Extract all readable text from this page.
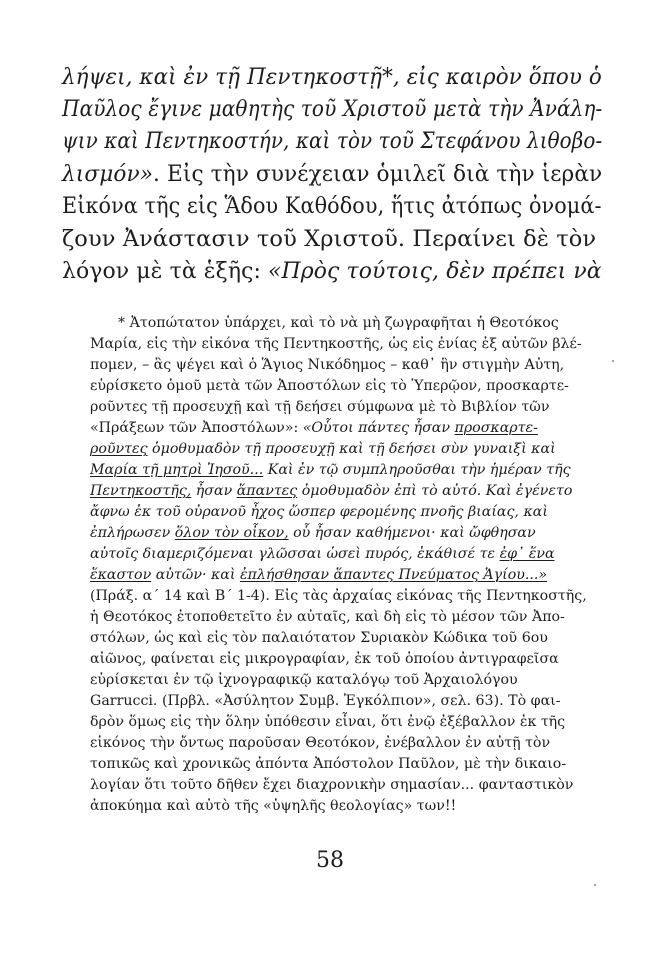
λήψει, καὶ ἐν τῇ Πεντηκοστῇ*, εἰς καιρὸν ὅπου ὁ
Παῦλος ἔγινε μαθητὴς τοῦ Χριστοῦ μετὰ τὴν Ἀνάλη-
ψιν καὶ Πεντηκοστήν, καὶ τὸν τοῦ Στεφάνου λιθοβο-
λισμόν». Εἰς τὴν συνέχειαν ὁμιλεῖ διὰ τὴν ἱερὰν
Εἰκόνα τῆς εἰς Ἅδου Καθόδου, ἥτις ἀτόπως ὀνομά-
ζουν Ἀνάστασιν τοῦ Χριστοῦ. Περαίνει δὲ τὸν
λόγον μὲ τὰ ἑξῆς: «Πρὸς τούτοις, δὲν πρέπει νὰ
* Ἀτοπώτατον ὑπάρχει, καὶ τὸ νὰ μὴ ζωγραφῆται ἡ Θεοτόκος
Μαρία, εἰς τὴν εἰκόνα τῆς Πεντηκοστῆς, ὡς εἰς ἐνίας ἐξ αὐτῶν βλέ-
πομεν, – ἃς ψέγει καὶ ὁ Ἅγιος Νικόδημος – καθ᾽ ἣν στιγμὴν Αὐτη,
εὑρίσκετο ὁμοῦ μετὰ τῶν Ἀποστόλων εἰς τὸ Ὑπερῷον, προσκαρτε-
ροῦντες τῇ προσευχῇ καὶ τῇ δεήσει σύμφωνα μὲ τὸ Βιβλίον τῶν
«Πράξεων τῶν Ἀποστόλων»: «Οὗτοι πάντες ἦσαν προσκαρτε-
ροῦντες ὁμοθυμαδὸν τῇ προσευχῇ καὶ τῇ δεήσει σὺν γυναιξὶ καὶ
Μαρία τῇ μητρὶ Ἰησοῦ... Καὶ ἐν τῷ συμπληροῦσθαι τὴν ἡμέραν τῆς
Πεντηκοστῆς, ἦσαν ἅπαντες ὁμοθυμαδὸν ἐπὶ τὸ αὐτό. Καὶ ἐγένετο
ἄφνω ἐκ τοῦ οὐρανοῦ ἦχος ὥσπερ φερομένης πνοῆς βιαίας, καὶ
ἐπλήρωσεν ὅλον τὸν οἶκον, οὗ ἦσαν καθήμενοι· καὶ ὤφθησαν
αὐτοῖς διαμεριζόμεναι γλῶσσαι ὡσεὶ πυρός, ἐκάθισέ τε ἐφ᾽ ἕνα
ἕκαστον αὐτῶν· καὶ ἐπλήσθησαν ἅπαντες Πνεύματος Ἁγίου...»
(Πράξ. α´ 14 καὶ Β´ 1-4). Εἰς τὰς ἀρχαίας εἰκόνας τῆς Πεντηκοστῆς,
ἡ Θεοτόκος ἐτοποθετεῖτο ἐν αὐταῖς, καὶ δὴ εἰς τὸ μέσον τῶν Ἀπο-
στόλων, ὡς καὶ εἰς τὸν παλαιότατον Συριακὸν Κώδικα τοῦ 6ου
αἰῶνος, φαίνεται εἰς μικρογραφίαν, ἐκ τοῦ ὁποίου ἀντιγραφεῖσα
εὑρίσκεται ἐν τῷ ἰχνογραφικῷ καταλόγῳ τοῦ Ἀρχαιολόγου
Garrucci. (Πρβλ. «Ἀσύλητον Συμβ. Ἐγκόλπιον», σελ. 63). Τὸ φαι-
δρὸν ὅμως εἰς τὴν ὅλην ὑπόθεσιν εἶναι, ὅτι ἐνῷ ἐξέβαλλον ἐκ τῆς
εἰκόνος τὴν ὄντως παροῦσαν Θεοτόκον, ἐνέβαλλον ἐν αὐτῇ τὸν
τοπικῶς καὶ χρονικῶς ἀπόντα Ἀπόστολον Παῦλον, μὲ τὴν δικαιο-
λογίαν ὅτι τοῦτο δῆθεν ἔχει διαχρονικὴν σημασίαν... φανταστικὸν
ἀποκύημα καὶ αὐτὸ τῆς «ὑψηλῆς θεολογίας» των!!
58
